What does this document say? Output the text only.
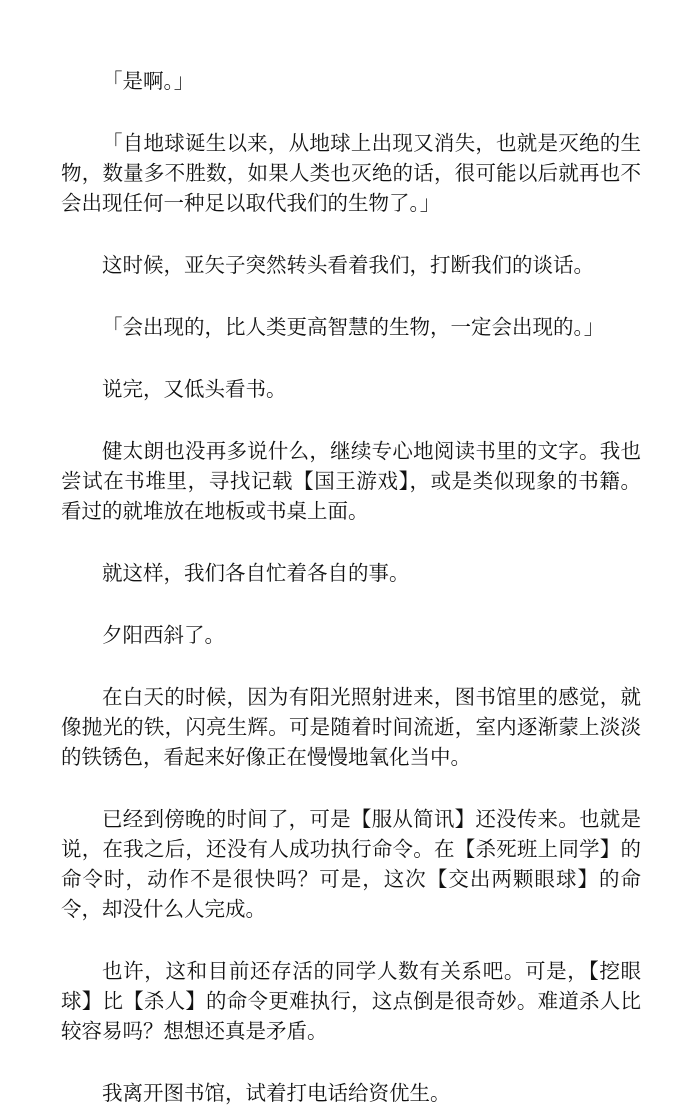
「是啊。」

「自地球诞生以来，从地球上出现又消失，也就是灭绝的生物，数量多不胜数，如果人类也灭绝的话，很可能以后就再也不会出现任何一种足以取代我们的生物了。」

这时候，亚矢子突然转头看着我们，打断我们的谈话。

「会出现的，比人类更高智慧的生物，一定会出现的。」

说完，又低头看书。

健太朗也没再多说什么，继续专心地阅读书里的文字。我也尝试在书堆里，寻找记载【国王游戏】，或是类似现象的书籍。看过的就堆放在地板或书桌上面。

就这样，我们各自忙着各自的事。

夕阳西斜了。

在白天的时候，因为有阳光照射进来，图书馆里的感觉，就像抛光的铁，闪亮生辉。可是随着时间流逝，室内逐渐蒙上淡淡的铁锈色，看起来好像正在慢慢地氧化当中。

已经到傍晚的时间了，可是【服从简讯】还没传来。也就是说，在我之后，还没有人成功执行命令。在【杀死班上同学】的命令时，动作不是很快吗？可是，这次【交出两颗眼球】的命令，却没什么人完成。

也许，这和目前还存活的同学人数有关系吧。可是，【挖眼球】比【杀人】的命令更难执行，这点倒是很奇妙。难道杀人比较容易吗？想想还真是矛盾。

我离开图书馆，试着打电话给资优生。
